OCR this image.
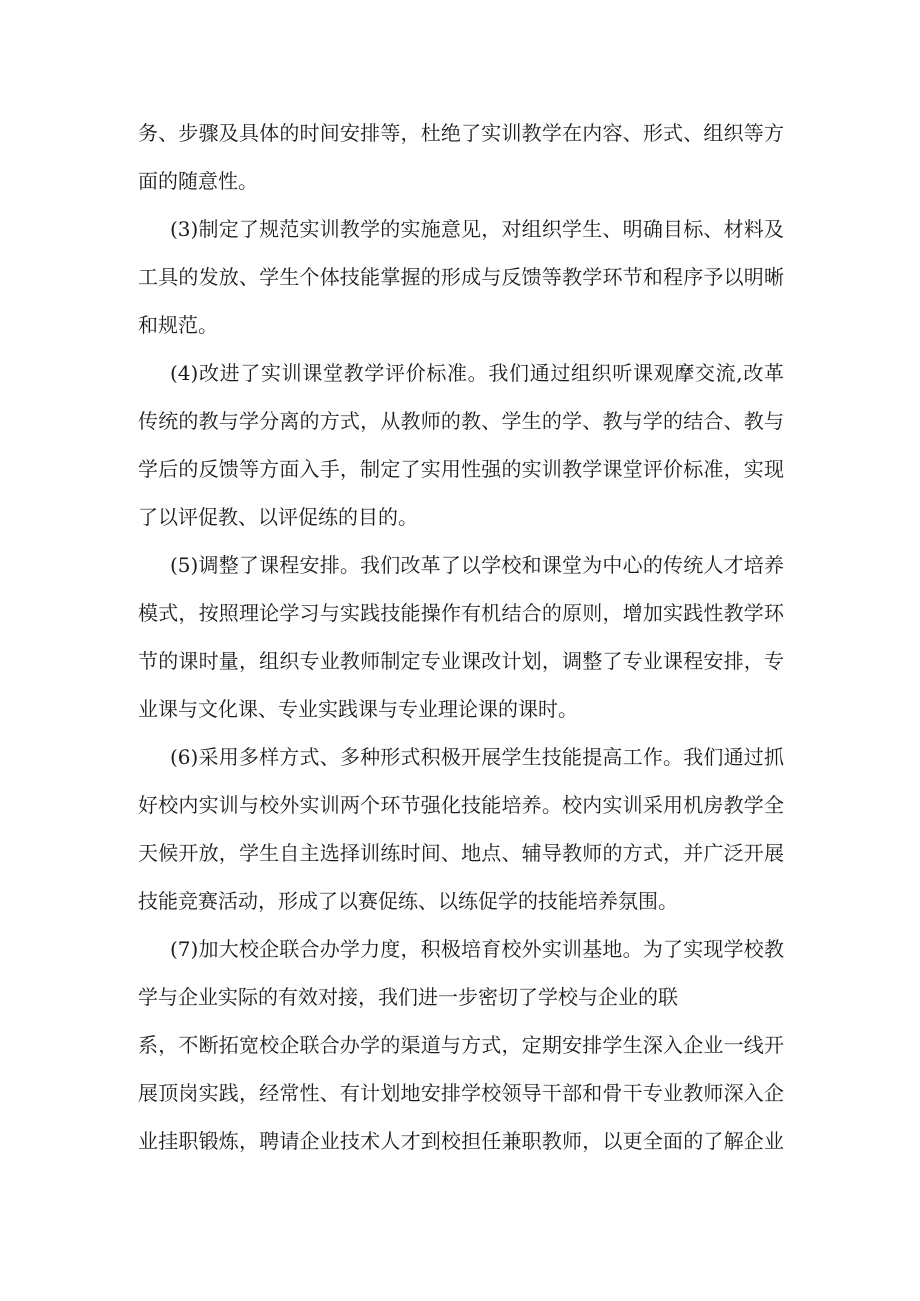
务、步骤及具体的时间安排等，杜绝了实训教学在内容、形式、组织等方
面的随意性。
(3)制定了规范实训教学的实施意见，对组织学生、明确目标、材料及
工具的发放、学生个体技能掌握的形成与反馈等教学环节和程序予以明晰
和规范。
(4)改进了实训课堂教学评价标准。我们通过组织听课观摩交流,改革
传统的教与学分离的方式，从教师的教、学生的学、教与学的结合、教与
学后的反馈等方面入手，制定了实用性强的实训教学课堂评价标准，实现
了以评促教、以评促练的目的。
(5)调整了课程安排。我们改革了以学校和课堂为中心的传统人才培养
模式，按照理论学习与实践技能操作有机结合的原则，增加实践性教学环
节的课时量，组织专业教师制定专业课改计划，调整了专业课程安排，专
业课与文化课、专业实践课与专业理论课的课时。
(6)采用多样方式、多种形式积极开展学生技能提高工作。我们通过抓
好校内实训与校外实训两个环节强化技能培养。校内实训采用机房教学全
天候开放，学生自主选择训练时间、地点、辅导教师的方式，并广泛开展
技能竞赛活动，形成了以赛促练、以练促学的技能培养氛围。
(7)加大校企联合办学力度，积极培育校外实训基地。为了实现学校教
学与企业实际的有效对接，我们进一步密切了学校与企业的联
系，不断拓宽校企联合办学的渠道与方式，定期安排学生深入企业一线开
展顶岗实践，经常性、有计划地安排学校领导干部和骨干专业教师深入企
业挂职锻炼，聘请企业技术人才到校担任兼职教师，以更全面的了解企业
